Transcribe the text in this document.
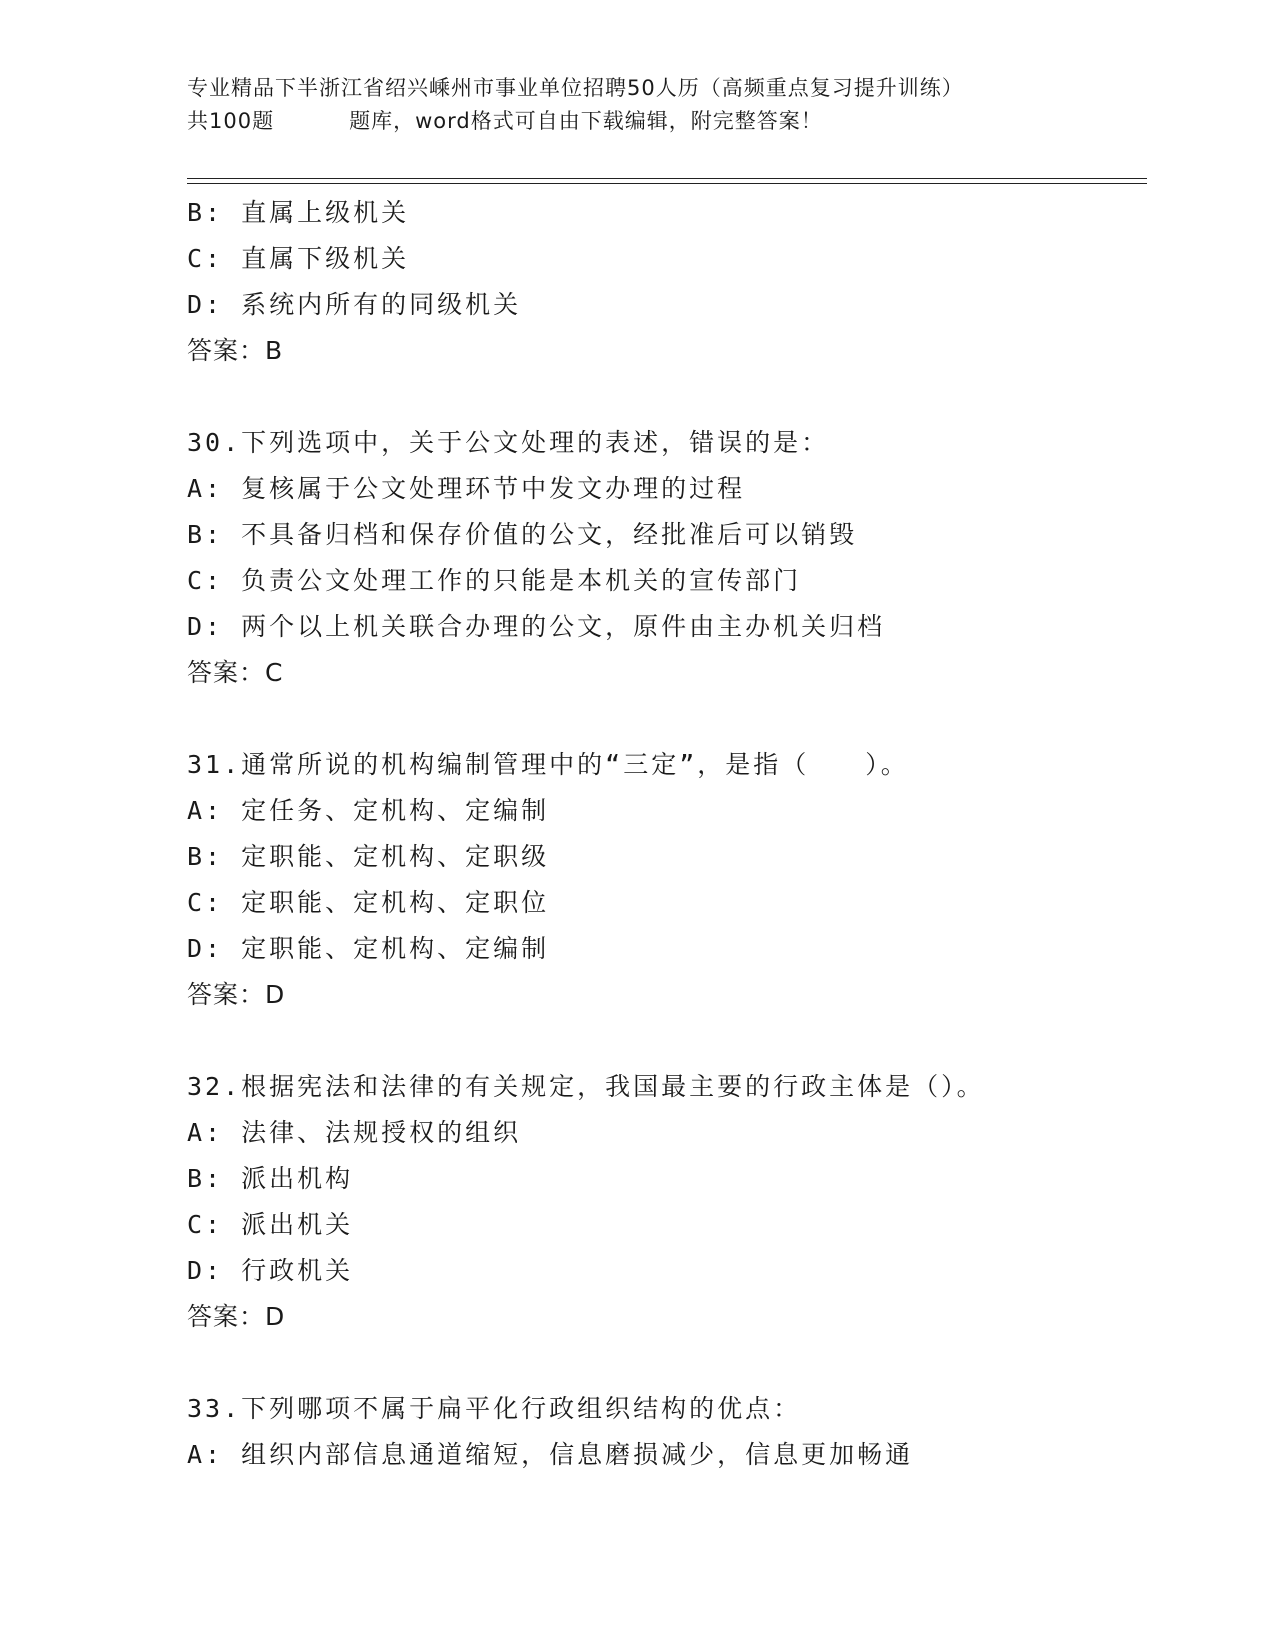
专业精品下半浙江省绍兴嵊州市事业单位招聘50人历（高频重点复习提升训练）
共100题	题库，word格式可自由下载编辑，附完整答案！
B: 直属上级机关
C: 直属下级机关
D: 系统内所有的同级机关
答案：B
30.下列选项中，关于公文处理的表述，错误的是：
A: 复核属于公文处理环节中发文办理的过程
B: 不具备归档和保存价值的公文，经批准后可以销毁
C: 负责公文处理工作的只能是本机关的宣传部门
D: 两个以上机关联合办理的公文，原件由主办机关归档
答案：C
31.通常所说的机构编制管理中的“三定”，是指（　　）。
A: 定任务、定机构、定编制
B: 定职能、定机构、定职级
C: 定职能、定机构、定职位
D: 定职能、定机构、定编制
答案：D
32.根据宪法和法律的有关规定，我国最主要的行政主体是（）。
A: 法律、法规授权的组织
B: 派出机构
C: 派出机关
D: 行政机关
答案：D
33.下列哪项不属于扁平化行政组织结构的优点：
A: 组织内部信息通道缩短，信息磨损减少，信息更加畅通
